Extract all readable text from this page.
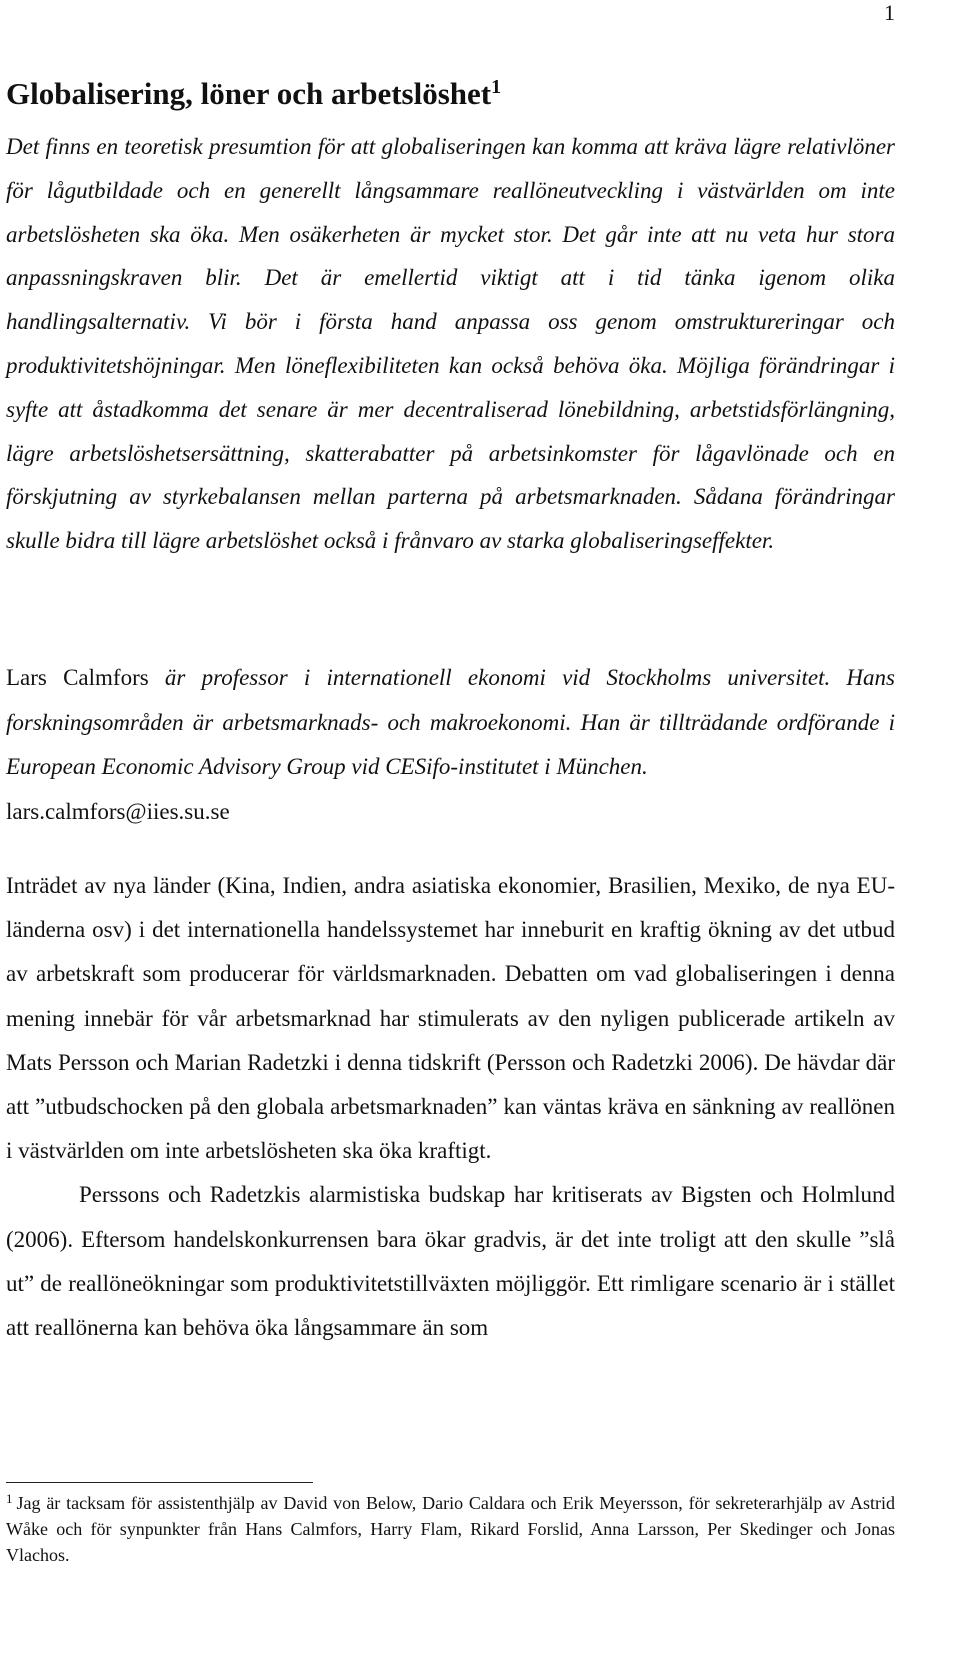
1
Globalisering, löner och arbetslöshet$^1$

Det finns en teoretisk presumtion för att globaliseringen kan komma att kräva lägre relativlöner för lågutbildade och en generellt långsammare reallöneutveckling i västvärlden om inte arbetslösheten ska öka. Men osäkerheten är mycket stor. Det går inte att nu veta hur stora anpassningskraven blir. Det är emellertid viktigt att i tid tänka igenom olika handlingsalternativ. Vi bör i första hand anpassa oss genom omstruktureringar och produktivitetshöjningar. Men löneflexibiliteten kan också behöva öka. Möjliga förändringar i syfte att åstadkomma det senare är mer decentraliserad lönebildning, arbetstidsförlängning, lägre arbetslöshetsersättning, skatterabatter på arbetsinkomster för lågavlönade och en förskjutning av styrkebalansen mellan parterna på arbetsmarknaden. Sådana förändringar skulle bidra till lägre arbetslöshet också i frånvaro av starka globaliseringseffekter.

Lars Calmfors är professor i internationell ekonomi vid Stockholms universitet. Hans forskningsområden är arbetsmarknads- och makroekonomi. Han är tillträdande ordförande i European Economic Advisory Group vid CESifo-institutet i München.
lars.calmfors@iies.su.se

Inträdet av nya länder (Kina, Indien, andra asiatiska ekonomier, Brasilien, Mexiko, de nya EU-länderna osv) i det internationella handelssystemet har inneburit en kraftig ökning av det utbud av arbetskraft som producerar för världsmarknaden. Debatten om vad globaliseringen i denna mening innebär för vår arbetsmarknad har stimulerats av den nyligen publicerade artikeln av Mats Persson och Marian Radetzki i denna tidskrift (Persson och Radetzki 2006). De hävdar där att ”utbudschocken på den globala arbetsmarknaden” kan väntas kräva en sänkning av reallönen i västvärlden om inte arbetslösheten ska öka kraftigt.

Perssons och Radetzkis alarmistiska budskap har kritiserats av Bigsten och Holmlund (2006). Eftersom handelskonkurrensen bara ökar gradvis, är det inte troligt att den skulle ”slå ut” de reallöneökningar som produktivitetstillväxten möjliggör. Ett rimligare scenario är i stället att reallönerna kan behöva öka långsammare än som

$^1$ Jag är tacksam för assistenthjälp av David von Below, Dario Caldara och Erik Meyersson, för sekreterarhjälp av Astrid Wåke och för synpunkter från Hans Calmfors, Harry Flam, Rikard Forslid, Anna Larsson, Per Skedinger och Jonas Vlachos.
